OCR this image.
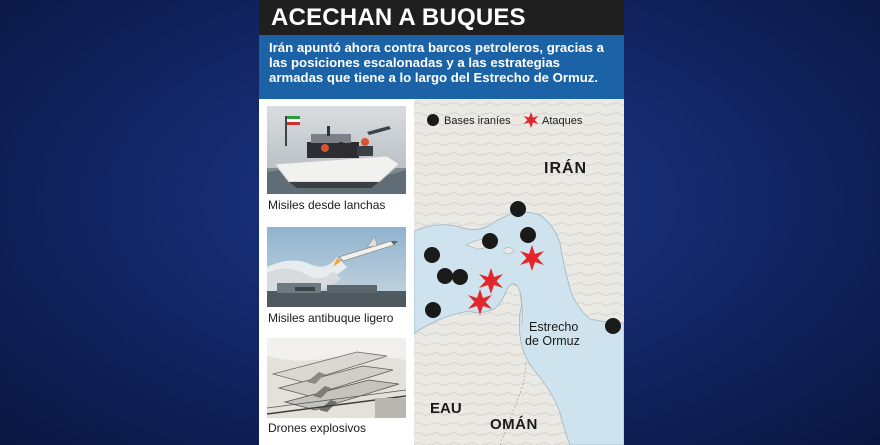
ACECHAN A BUQUES
Irán apuntó ahora contra barcos petroleros, gracias a las posiciones escalonadas y a las estrategias armadas que tiene a lo largo del Estrecho de Ormuz.
Misiles desde lanchas
Misiles antibuque ligero
Drones explosivos
Bases iraníes	Ataques
IRÁN
Estrecho
de Ormuz
EAU
OMÁN
